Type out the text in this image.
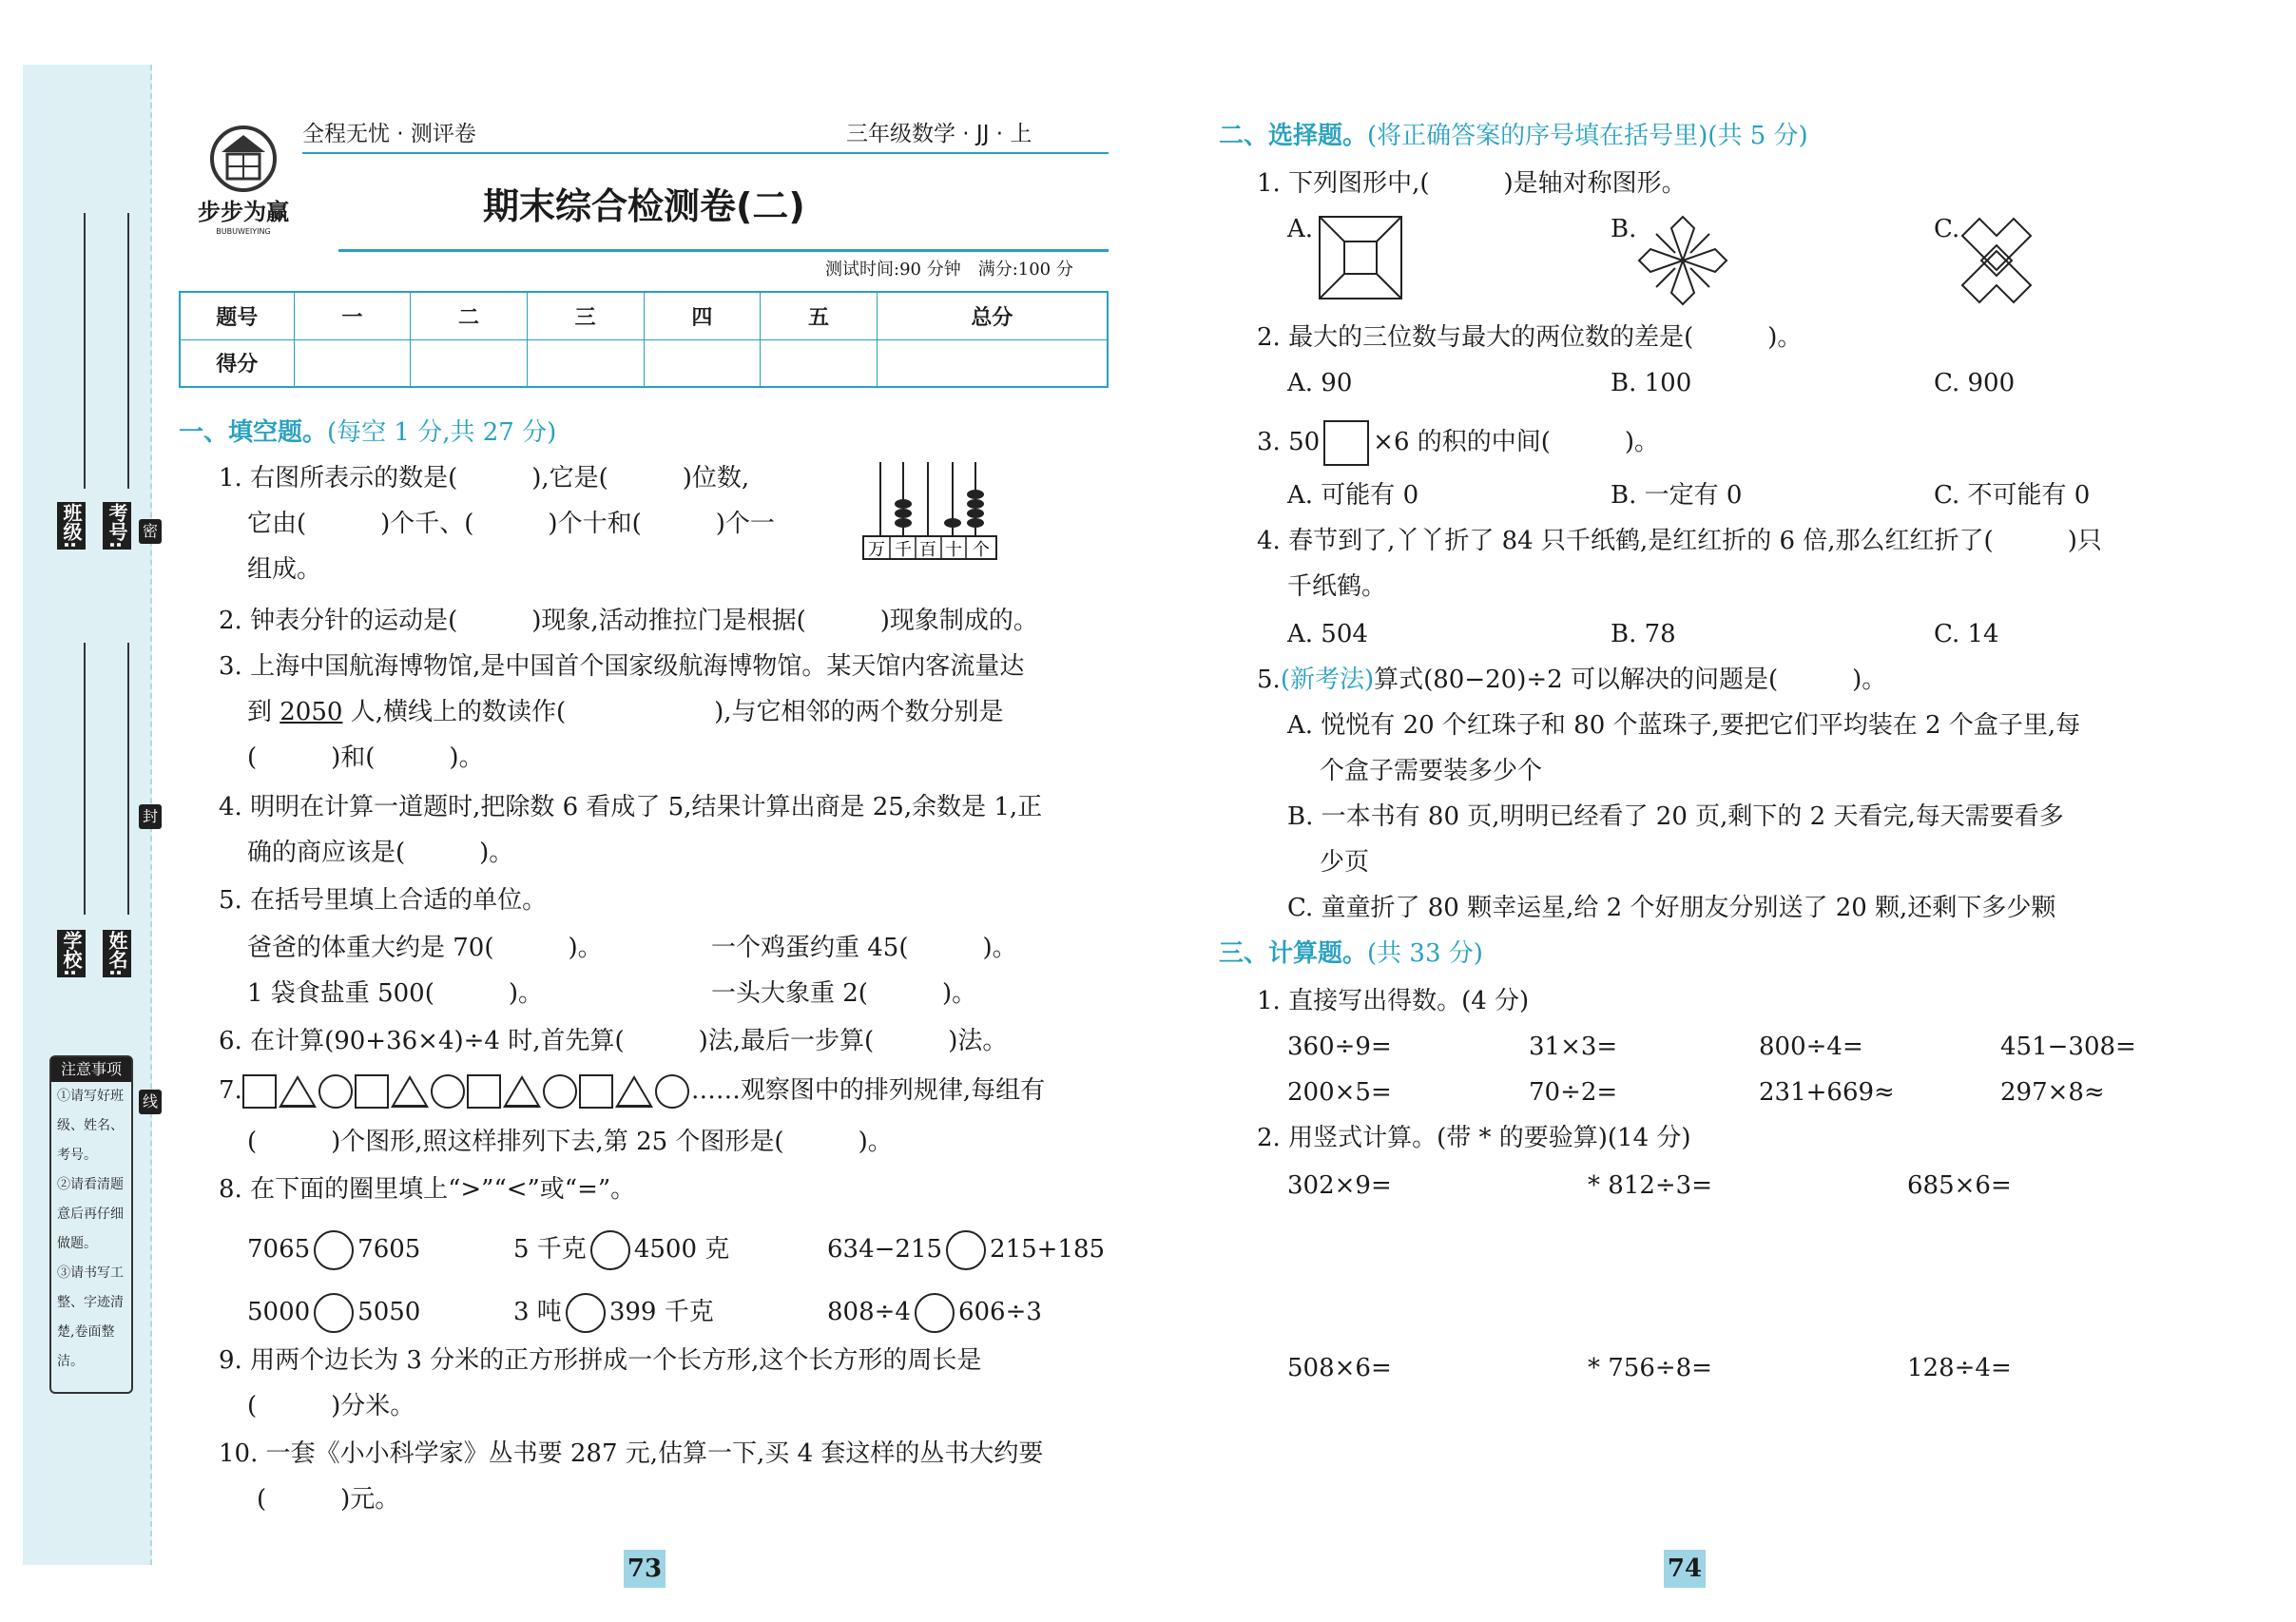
班级: 考号:
学校: 姓名:
密
封
线
注意事项
①请写好班级、姓名、考号。
②请看清题意后再仔细做题。
③请书写工整、字迹清楚,卷面整洁。
步步为赢
BUBUWEIYING
全程无忧 · 测评卷	三年级数学 · JJ · 上
期末综合检测卷(二)
测试时间:90 分钟　满分:100 分
题号	一	二	三	四	五	总分
得分						
一、填空题。(每空 1 分,共 27 分)
1. 右图所表示的数是(　　　),它是(　　　)位数,
它由(　　　)个千、(　　　)个十和(　　　)个一
组成。
万 千 百 十 个
2. 钟表分针的运动是(　　　)现象,活动推拉门是根据(　　　)现象制成的。
3. 上海中国航海博物馆,是中国首个国家级航海博物馆。某天馆内客流量达
到 2050 人,横线上的数读作(　　　　　　),与它相邻的两个数分别是
(　　　)和(　　　)。
4. 明明在计算一道题时,把除数 6 看成了 5,结果计算出商是 25,余数是 1,正
确的商应该是(　　　)。
5. 在括号里填上合适的单位。
爸爸的体重大约是 70(　　　)。	一个鸡蛋约重 45(　　　)。
1 袋食盐重 500(　　　)。	一头大象重 2(　　　)。
6. 在计算(90+36×4)÷4 时,首先算(　　　)法,最后一步算(　　　)法。
7.	……观察图中的排列规律,每组有
(　　　)个图形,照这样排列下去,第 25 个图形是(　　　)。
8. 在下面的圈里填上“>”“<”或“=”。
7065 7605	5 千克 4500 克	634−215 215+185
5000 5050	3 吨 399 千克	808÷4 606÷3
9. 用两个边长为 3 分米的正方形拼成一个长方形,这个长方形的周长是
(　　　)分米。
10. 一套《小小科学家》丛书要 287 元,估算一下,买 4 套这样的丛书大约要
(　　　)元。
73
二、选择题。(将正确答案的序号填在括号里)(共 5 分)
1. 下列图形中,(　　　)是轴对称图形。
A.	B.	C.
2. 最大的三位数与最大的两位数的差是(　　　)。
A. 90	B. 100	C. 900
3. 50 ×6 的积的中间(　　　)。
A. 可能有 0	B. 一定有 0	C. 不可能有 0
4. 春节到了,丫丫折了 84 只千纸鹤,是红红折的 6 倍,那么红红折了(　　　)只
千纸鹤。
A. 504	B. 78	C. 14
5.(新考法)算式(80−20)÷2 可以解决的问题是(　　　)。
A. 悦悦有 20 个红珠子和 80 个蓝珠子,要把它们平均装在 2 个盒子里,每
个盒子需要装多少个
B. 一本书有 80 页,明明已经看了 20 页,剩下的 2 天看完,每天需要看多
少页
C. 童童折了 80 颗幸运星,给 2 个好朋友分别送了 20 颗,还剩下多少颗
三、计算题。(共 33 分)
1. 直接写出得数。(4 分)
360÷9=	31×3=	800÷4=	451−308=
200×5=	70÷2=	231+669≈	297×8≈
2. 用竖式计算。(带 * 的要验算)(14 分)
302×9=	* 812÷3=	685×6=
508×6=	* 756÷8=	128÷4=
74
